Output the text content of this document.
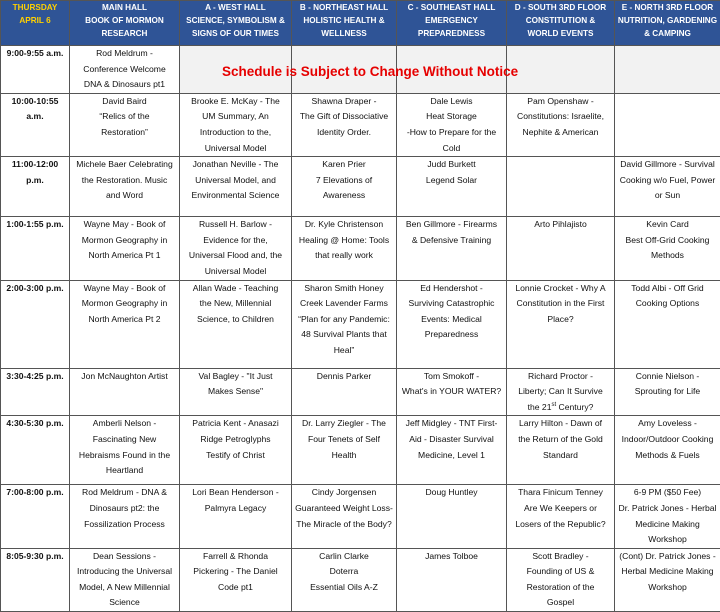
THURSDAY
APRIL 6	MAIN HALL
BOOK OF MORMON
RESEARCH	A - WEST HALL
SCIENCE, SYMBOLISM &
SIGNS OF OUR TIMES	B - NORTHEAST HALL
HOLISTIC HEALTH &
WELLNESS	C - SOUTHEAST HALL
EMERGENCY
PREPAREDNESS	D - SOUTH 3RD FLOOR
CONSTITUTION &
WORLD EVENTS	E - NORTH 3RD FLOOR
NUTRITION, GARDENING
& CAMPING
9:00-9:55 a.m.	Rod Meldrum -
Conference Welcome
DNA & Dinosaurs pt1					
10:00-10:55
a.m.	David Baird
“Relics of the
Restoration”	Brooke E. McKay - The
UM Summary, An
Introduction to the,
Universal Model	Shawna Draper -
The Gift of Dissociative
Identity Order.	Dale Lewis
Heat Storage
-How to Prepare for the
Cold	Pam Openshaw -
Constitutions: Israelite,
Nephite & American	
11:00-12:00
p.m.	Michele Baer Celebrating
the Restoration. Music
and Word	Jonathan Neville - The
Universal Model, and
Environmental Science	Karen Prier
7 Elevations of
Awareness	Judd Burkett
Legend Solar		David Gillmore - Survival
Cooking w/o Fuel, Power
or Sun
1:00-1:55 p.m.	Wayne May - Book of
Mormon Geography in
North America Pt 1	Russell H. Barlow -
Evidence for the,
Universal Flood and, the
Universal Model	Dr. Kyle Christenson
Healing @ Home: Tools
that really work	Ben Gillmore - Firearms
& Defensive Training	Arto Pihlajisto	Kevin Card
Best Off-Grid Cooking
Methods
2:00-3:00 p.m.	Wayne May - Book of
Mormon Geography in
North America Pt 2	Allan Wade - Teaching
the New, Millennial
Science, to Children	Sharon Smith Honey
Creek Lavender Farms
“Plan for any Pandemic:
48 Survival Plants that
Heal”	Ed Hendershot -
Surviving Catastrophic
Events: Medical
Preparedness	Lonnie Crocket - Why A
Constitution in the First
Place?	Todd Albi - Off Grid
Cooking Options
3:30-4:25 p.m.	Jon McNaughton Artist	Val Bagley - "It Just
Makes Sense"	Dennis Parker	Tom Smokoff -
What's in YOUR WATER?	Richard Proctor -
Liberty; Can It Survive
the 21st Century?	Connie Nielson -
Sprouting for Life
4:30-5:30 p.m.	Amberli Nelson -
Fascinating New
Hebraisms Found in the
Heartland	Patricia Kent - Anasazi
Ridge Petroglyphs
Testify of Christ	Dr. Larry Ziegler - The
Four Tenets of Self
Health	Jeff Midgley - TNT First-
Aid - Disaster Survival
Medicine, Level 1	Larry Hilton - Dawn of
the Return of the Gold
Standard	Amy Loveless -
Indoor/Outdoor Cooking
Methods & Fuels
7:00-8:00 p.m.	Rod Meldrum - DNA &
Dinosaurs pt2: the
Fossilization Process	Lori Bean Henderson -
Palmyra Legacy	Cindy Jorgensen
Guaranteed Weight Loss-
The Miracle of the Body?	Doug Huntley	Thara Finicum Tenney
Are We Keepers or
Losers of the Republic?	6-9 PM ($50 Fee)
Dr. Patrick Jones - Herbal
Medicine Making
Workshop
8:05-9:30 p.m.	Dean Sessions -
Introducing the Universal
Model, A New Millennial
Science	Farrell & Rhonda
Pickering - The Daniel
Code pt1	Carlin Clarke
Doterra
Essential Oils A-Z	James Tolboe	Scott Bradley -
Founding of US &
Restoration of the
Gospel	(Cont) Dr. Patrick Jones -
Herbal Medicine Making
Workshop
Schedule is Subject to Change Without Notice
